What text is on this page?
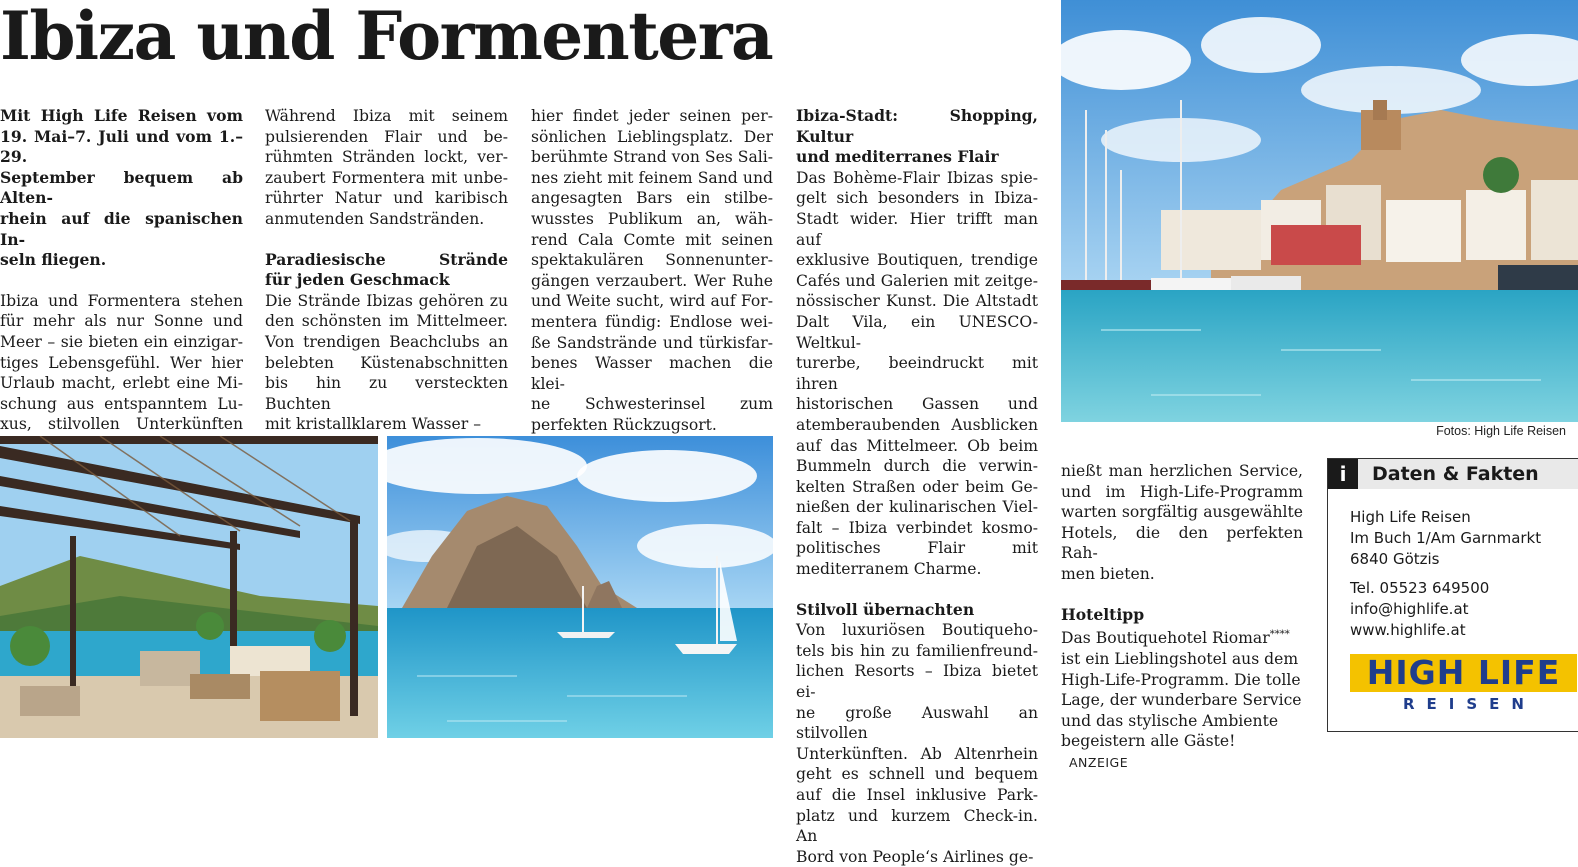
Ibiza und Formentera
Mit High Life Reisen vom
19. Mai–7. Juli und vom 1.–29.
September bequem ab Alten-
rhein auf die spanischen In-
seln fliegen.
Ibiza und Formentera stehen
für mehr als nur Sonne und
Meer – sie bieten ein einzigar-
tiges Lebensgefühl. Wer hier
Urlaub macht, erlebt eine Mi-
schung aus entspanntem Lu-
xus, stilvollen Unterkünften
Während Ibiza mit seinem
pulsierenden Flair und be-
rühmten Stränden lockt, ver-
zaubert Formentera mit unbe-
rührter Natur und karibisch
anmutenden Sandstränden.
Paradiesische Strände
für jeden Geschmack
Die Strände Ibizas gehören zu
den schönsten im Mittelmeer.
Von trendigen Beachclubs an
belebten Küstenabschnitten
bis hin zu versteckten Buchten
mit kristallklarem Wasser –
hier findet jeder seinen per-
sönlichen Lieblingsplatz. Der
berühmte Strand von Ses Sali-
nes zieht mit feinem Sand und
angesagten Bars ein stilbe-
wusstes Publikum an, wäh-
rend Cala Comte mit seinen
spektakulären Sonnenunter-
gängen verzaubert. Wer Ruhe
und Weite sucht, wird auf For-
mentera fündig: Endlose wei-
ße Sandstrände und türkisfar-
benes Wasser machen die klei-
ne Schwesterinsel zum
perfekten Rückzugsort.
Ibiza-Stadt: Shopping, Kultur
und mediterranes Flair
Das Bohème-Flair Ibizas spie-
gelt sich besonders in Ibiza-
Stadt wider. Hier trifft man auf
exklusive Boutiquen, trendige
Cafés und Galerien mit zeitge-
nössischer Kunst. Die Altstadt
Dalt Vila, ein UNESCO-Weltkul-
turerbe, beeindruckt mit ihren
historischen Gassen und
atemberaubenden Ausblicken
auf das Mittelmeer. Ob beim
Bummeln durch die verwin-
kelten Straßen oder beim Ge-
nießen der kulinarischen Viel-
falt – Ibiza verbindet kosmo-
politisches Flair mit
mediterranem Charme.
Stilvoll übernachten
Von luxuriösen Boutiqueho-
tels bis hin zu familienfreund-
lichen Resorts – Ibiza bietet ei-
ne große Auswahl an stilvollen
Unterkünften. Ab Altenrhein
geht es schnell und bequem
auf die Insel inklusive Park-
platz und kurzem Check-in. An
Bord von People‘s Airlines ge-
nießt man herzlichen Service,
und im High-Life-Programm
warten sorgfältig ausgewählte
Hotels, die den perfekten Rah-
men bieten.
Hoteltipp
Das Boutiquehotel Riomar****
ist ein Lieblingshotel aus dem
High-Life-Programm. Die tolle
Lage, der wunderbare Service
und das stylische Ambiente
begeistern alle Gäste! ANZEIGE
Fotos: High Life Reisen
i	Daten & Fakten
High Life Reisen
Im Buch 1/Am Garnmarkt
6840 Götzis
Tel. 05523 649500
info@highlife.at
www.highlife.at
HIGH LIFE
REISEN
